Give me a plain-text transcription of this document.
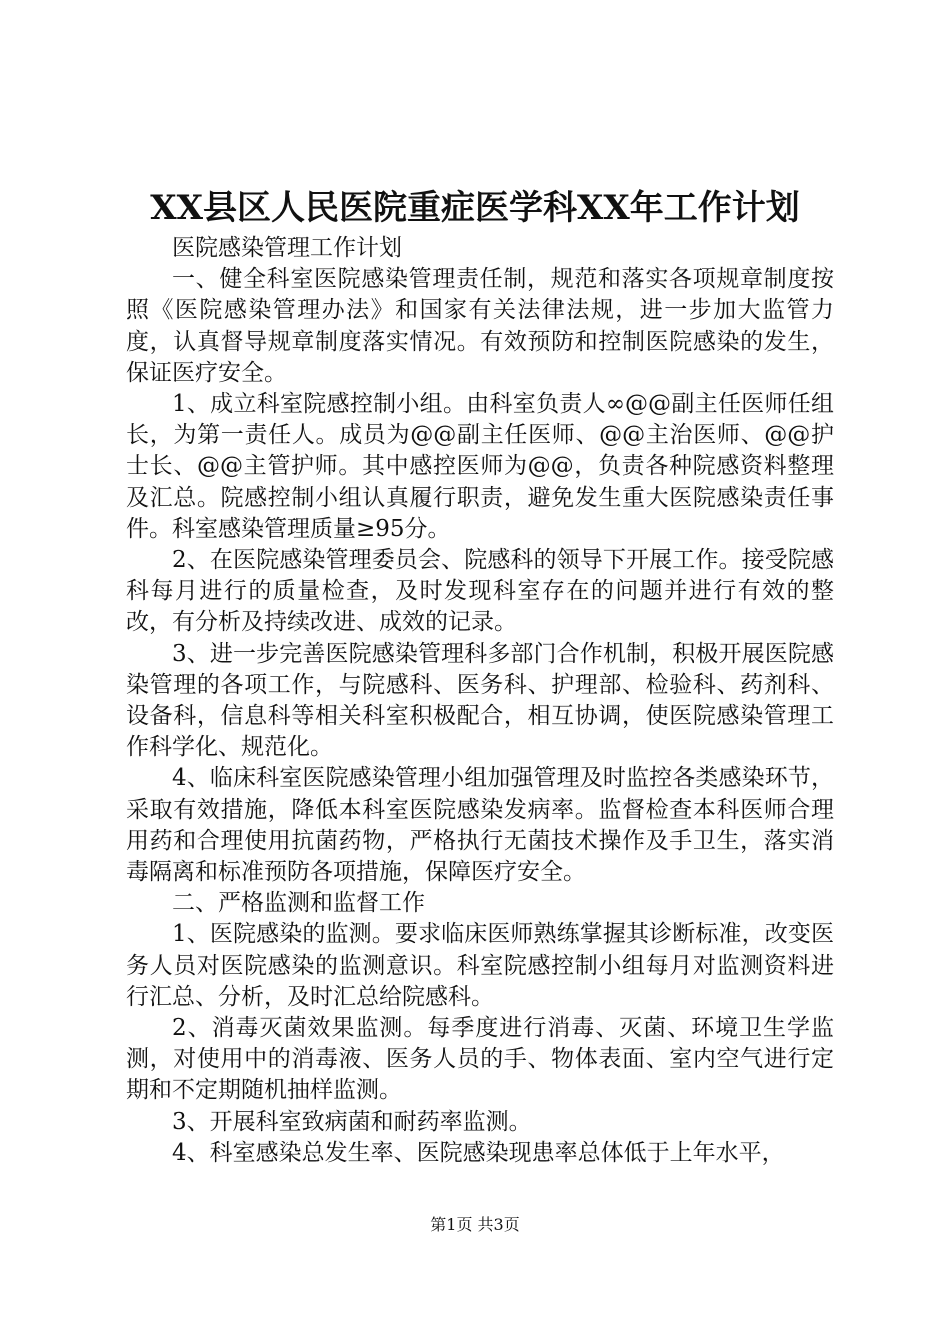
XX县区人民医院重症医学科XX年工作计划

医院感染管理工作计划

一、健全科室医院感染管理责任制，规范和落实各项规章制度按照《医院感染管理办法》和国家有关法律法规，进一步加大监管力度，认真督导规章制度落实情况。有效预防和控制医院感染的发生，保证医疗安全。

1、成立科室院感控制小组。由科室负责人∞@@副主任医师任组长，为第一责任人。成员为@@副主任医师、@@主治医师、@@护士长、@@主管护师。其中感控医师为@@，负责各种院感资料整理及汇总。院感控制小组认真履行职责，避免发生重大医院感染责任事件。科室感染管理质量≥95分。

2、在医院感染管理委员会、院感科的领导下开展工作。接受院感科每月进行的质量检查，及时发现科室存在的问题并进行有效的整改，有分析及持续改进、成效的记录。

3、进一步完善医院感染管理科多部门合作机制，积极开展医院感染管理的各项工作，与院感科、医务科、护理部、检验科、药剂科、设备科，信息科等相关科室积极配合，相互协调，使医院感染管理工作科学化、规范化。

4、临床科室医院感染管理小组加强管理及时监控各类感染环节，采取有效措施，降低本科室医院感染发病率。监督检查本科医师合理用药和合理使用抗菌药物，严格执行无菌技术操作及手卫生，落实消毒隔离和标准预防各项措施，保障医疗安全。

二、严格监测和监督工作

1、医院感染的监测。要求临床医师熟练掌握其诊断标准，改变医务人员对医院感染的监测意识。科室院感控制小组每月对监测资料进行汇总、分析，及时汇总给院感科。

2、消毒灭菌效果监测。每季度进行消毒、灭菌、环境卫生学监测，对使用中的消毒液、医务人员的手、物体表面、室内空气进行定期和不定期随机抽样监测。

3、开展科室致病菌和耐药率监测。

4、科室感染总发生率、医院感染现患率总体低于上年水平，

第1页 共3页
